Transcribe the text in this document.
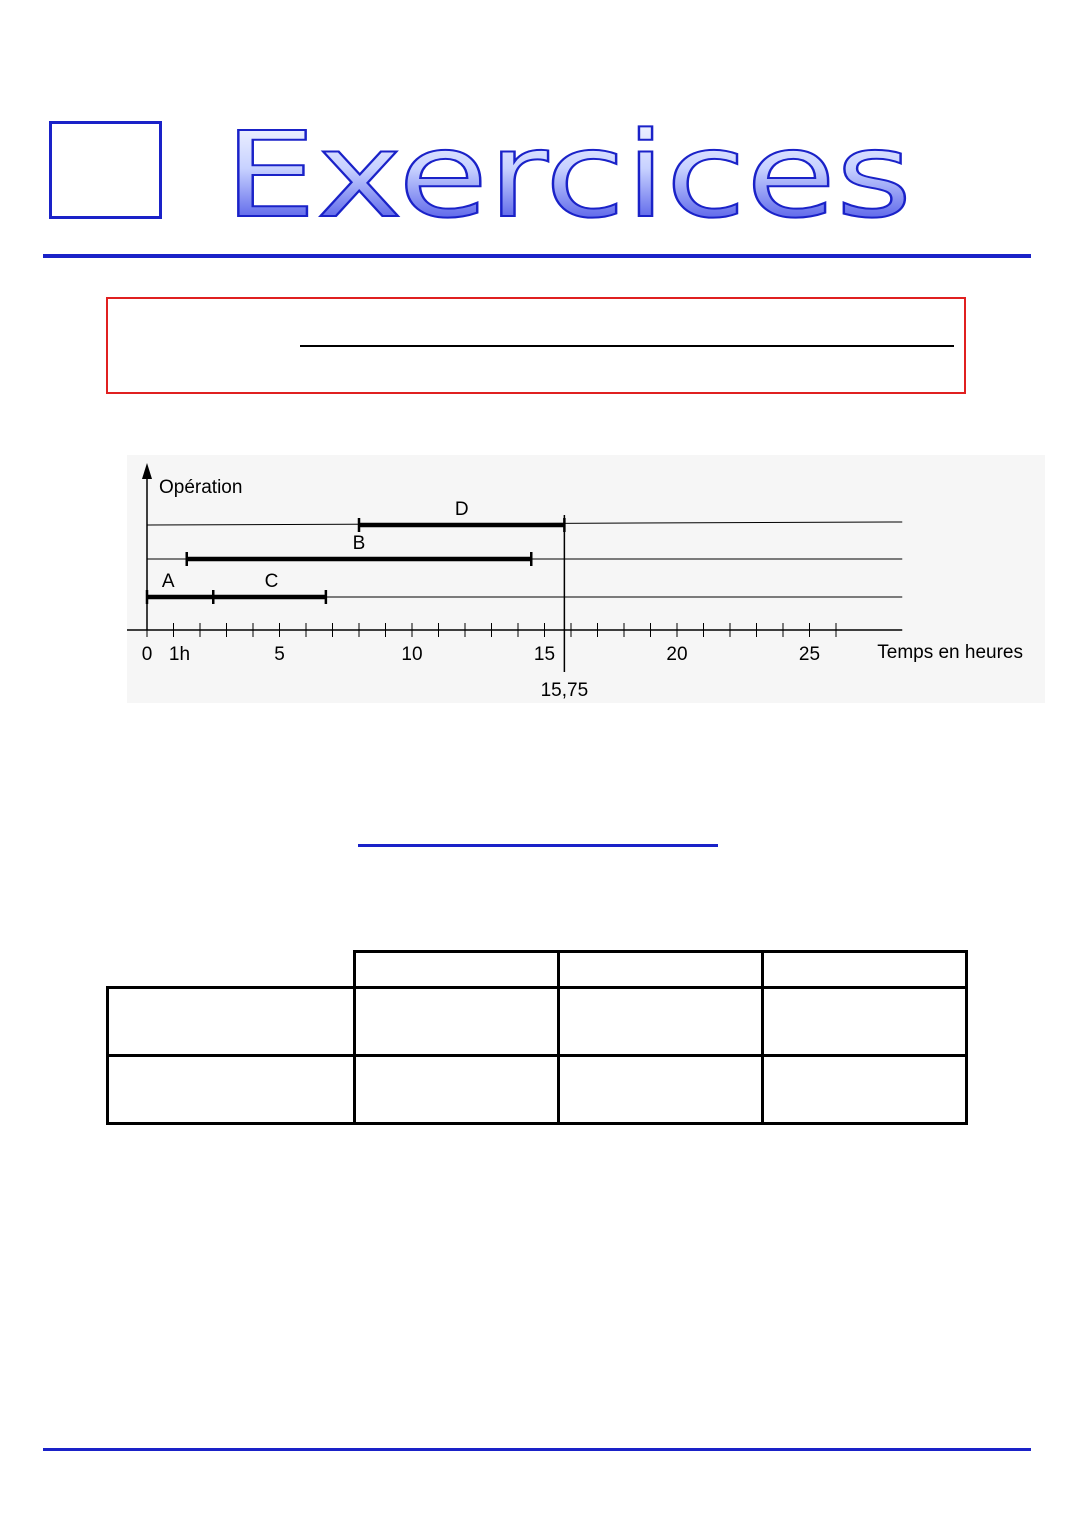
Exercices
Opération
0 1h	5	10	15	20	25	Temps en heures
15,75
A	C
B
D
